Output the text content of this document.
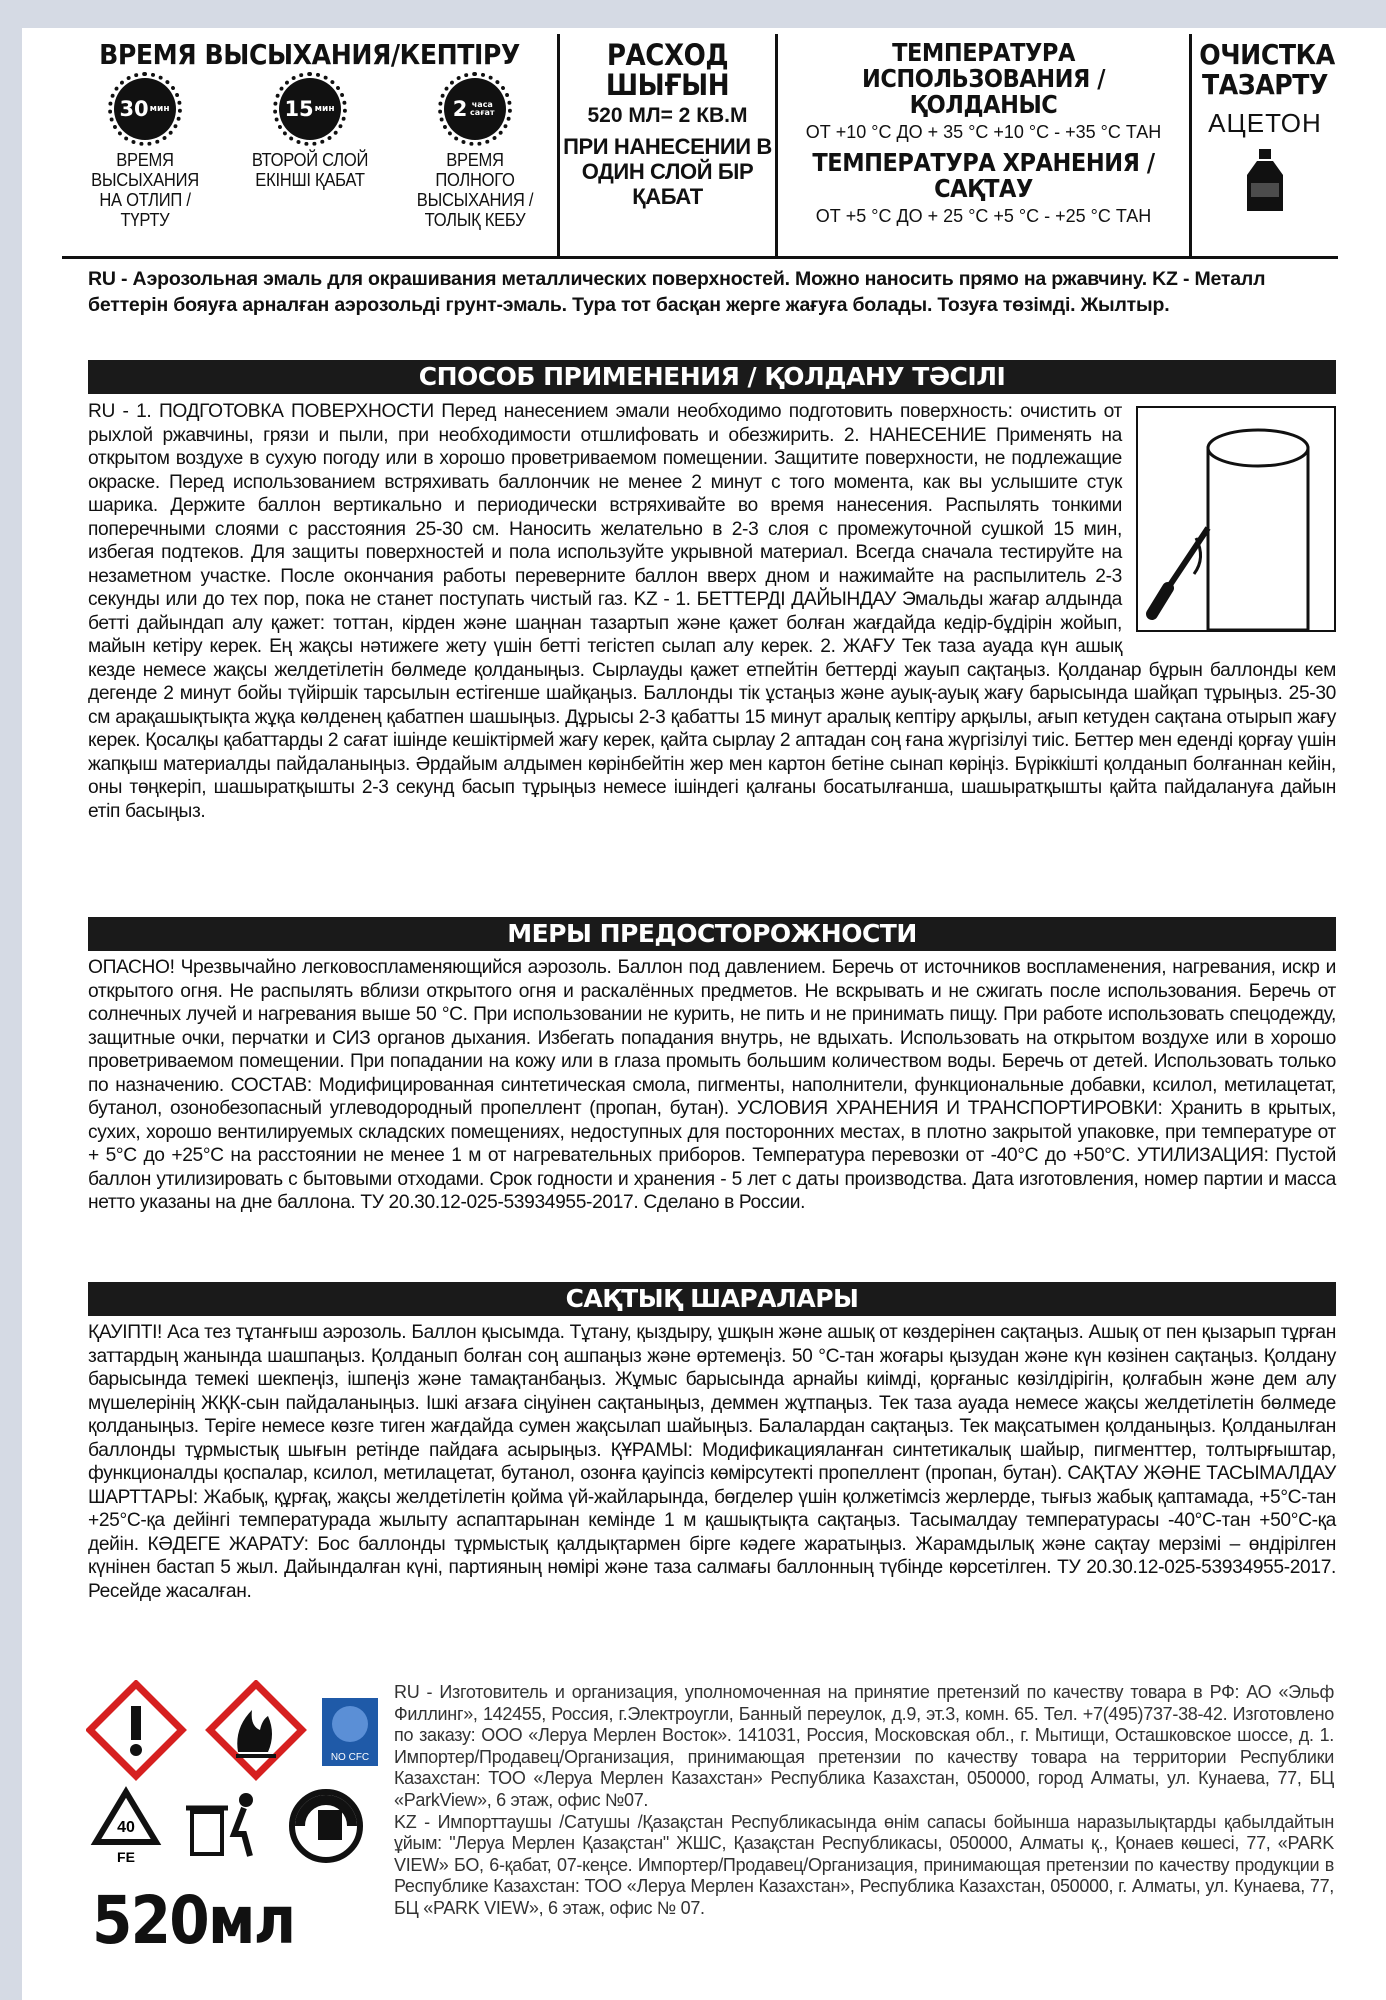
ВРЕМЯ ВЫСЫХАНИЯ/КЕПТІРУ
30 мин

ВРЕМЯ ВЫСЫХАНИЯ НА ОТЛИП / ТҮРТУ

15 мин

ВТОРОЙ СЛОЙ ЕКІНШІ ҚАБАТ

2 часа сағат

ВРЕМЯ ПОЛНОГО ВЫСЫХАНИЯ / ТОЛЫҚ КЕБУ

РАСХОД ШЫҒЫН
520 МЛ= 2 КВ.М
ПРИ НАНЕСЕНИИ В ОДИН СЛОЙ БІР ҚАБАТ
ТЕМПЕРАТУРА ИСПОЛЬЗОВАНИЯ / ҚОЛДАНЫС
ОТ +10 °С ДО + 35 °С +10 °С - +35 °С ТАН
ТЕМПЕРАТУРА ХРАНЕНИЯ / САҚТАУ
ОТ +5 °С ДО + 25 °С +5 °С - +25 °С ТАН
ОЧИСТКА ТАЗАРТУ
АЦЕТОН
RU - Аэрозольная эмаль для окрашивания металлических поверхностей. Можно наносить прямо на ржавчину. KZ - Металл беттерін бояуға арналған аэрозольді грунт-эмаль. Тура тот басқан жерге жағуға болады. Тозуға төзімді. Жылтыр.
СПОСОБ ПРИМЕНЕНИЯ / ҚОЛДАНУ ТӘСІЛІ
RU - 1. ПОДГОТОВКА ПОВЕРХНОСТИ Перед нанесением эмали необходимо подготовить поверхность: очистить от рыхлой ржавчины, грязи и пыли, при необходимости отшлифовать и обезжирить. 2. НАНЕСЕНИЕ Применять на открытом воздухе в сухую погоду или в хорошо проветриваемом помещении. Защитите поверхности, не подлежащие окраске. Перед использованием встряхивать баллончик не менее 2 минут с того момента, как вы услышите стук шарика. Держите баллон вертикально и периодически встряхивайте во время нанесения. Распылять тонкими поперечными слоями с расстояния 25-30 см. Наносить желательно в 2-3 слоя с промежуточной сушкой 15 мин, избегая подтеков. Для защиты поверхностей и пола используйте укрывной материал. Всегда сначала тестируйте на незаметном участке. После окончания работы переверните баллон вверх дном и нажимайте на распылитель 2-3 секунды или до тех пор, пока не станет поступать чистый газ. KZ - 1. БЕТТЕРДІ ДАЙЫНДАУ Эмальды жағар алдында бетті дайындап алу қажет: тоттан, кірден және шаңнан тазартып және қажет болған жағдайда кедір-бұдірін жойып, майын кетіру керек. Ең жақсы нәтижеге жету үшін бетті тегістеп сылап алу керек. 2. ЖАҒУ Тек таза ауада күн ашық кезде немесе жақсы желдетілетін бөлмеде қолданыңыз. Сырлауды қажет етпейтін беттерді жауып сақтаңыз. Қолданар бұрын баллонды кем дегенде 2 минут бойы түйіршік тарсылын естігенше шайқаңыз. Баллонды тік ұстаңыз және ауық-ауық жағу барысында шайқап тұрыңыз. 25-30 см арақашықтықта жұқа көлденең қабатпен шашыңыз. Дұрысы 2-3 қабатты 15 минут аралық кептіру арқылы, ағып кетуден сақтана отырып жағу керек. Қосалқы қабаттарды 2 сағат ішінде кешіктірмей жағу керек, қайта сырлау 2 аптадан соң ғана жүргізілуі тиіс. Беттер мен еденді қорғау үшін жапқыш материалды пайдаланыңыз. Әрдайым алдымен көрінбейтін жер мен картон бетіне сынап көріңіз. Бүріккішті қолданып болғаннан кейін, оны төңкеріп, шашыратқышты 2-3 секунд басып тұрыңыз немесе ішіндегі қалғаны босатылғанша, шашыратқышты қайта пайдалануға дайын етіп басыңыз.
МЕРЫ ПРЕДОСТОРОЖНОСТИ
ОПАСНО! Чрезвычайно легковоспламеняющийся аэрозоль. Баллон под давлением. Беречь от источников воспламенения, нагревания, искр и открытого огня. Не распылять вблизи открытого огня и раскалённых предметов. Не вскрывать и не сжигать после использования. Беречь от солнечных лучей и нагревания выше 50 °С. При использовании не курить, не пить и не принимать пищу. При работе использовать спецодежду, защитные очки, перчатки и СИЗ органов дыхания. Избегать попадания внутрь, не вдыхать. Использовать на открытом воздухе или в хорошо проветриваемом помещении. При попадании на кожу или в глаза промыть большим количеством воды. Беречь от детей. Использовать только по назначению. СОСТАВ: Модифицированная синтетическая смола, пигменты, наполнители, функциональные добавки, ксилол, метилацетат, бутанол, озонобезопасный углеводородный пропеллент (пропан, бутан). УСЛОВИЯ ХРАНЕНИЯ И ТРАНСПОРТИРОВКИ: Хранить в крытых, сухих, хорошо вентилируемых складских помещениях, недоступных для посторонних местах, в плотно закрытой упаковке, при температуре от + 5°С до +25°С на расстоянии не менее 1 м от нагревательных приборов. Температура перевозки от -40°С до +50°С. УТИЛИЗАЦИЯ: Пустой баллон утилизировать с бытовыми отходами. Срок годности и хранения - 5 лет с даты производства. Дата изготовления, номер партии и масса нетто указаны на дне баллона. ТУ 20.30.12-025-53934955-2017. Сделано в России.
САҚТЫҚ ШАРАЛАРЫ
ҚАУІПТІ! Аса тез тұтанғыш аэрозоль. Баллон қысымда. Тұтану, қыздыру, ұшқын және ашық от көздерінен сақтаңыз. Ашық от пен қызарып тұрған заттардың жанында шашпаңыз. Қолданып болған соң ашпаңыз және өртемеңіз. 50 °С-тан жоғары қызудан және күн көзінен сақтаңыз. Қолдану барысында темекі шекпеңіз, ішпеңіз және тамақтанбаңыз. Жұмыс барысында арнайы киімді, қорғаныс көзілдірігін, қолғабын және дем алу мүшелерінің ЖҚК-сын пайдаланыңыз. Ішкі ағзаға сіңуінен сақтаныңыз, деммен жұтпаңыз. Тек таза ауада немесе жақсы желдетілетін бөлмеде қолданыңыз. Теріге немесе көзге тиген жағдайда сумен жақсылап шайыңыз. Балалардан сақтаңыз. Тек мақсатымен қолданыңыз. Қолданылған баллонды тұрмыстық шығын ретінде пайдаға асырыңыз. ҚҰРАМЫ: Модификацияланған синтетикалық шайыр, пигменттер, толтырғыштар, функционалды қоспалар, ксилол, метилацетат, бутанол, озонға қауіпсіз көмірсутекті пропеллент (пропан, бутан). САҚТАУ ЖӘНЕ ТАСЫМАЛДАУ ШАРТТАРЫ: Жабық, құрғақ, жақсы желдетілетін қойма үй-жайларында, бөгделер үшін қолжетімсіз жерлерде, тығыз жабық қаптамада, +5°С-тан +25°С-қа дейінгі температурада жылыту аспаптарынан кемінде 1 м қашықтықта сақтаңыз. Тасымалдау температурасы -40°С-тан +50°С-қа дейін. КӘДЕГЕ ЖАРАТУ: Бос баллонды тұрмыстық қалдықтармен бірге кәдеге жаратыңыз. Жарамдылық және сақтау мерзімі – өндірілген күнінен бастап 5 жыл. Дайындалған күні, партияның нөмірі және таза салмағы баллонның түбінде көрсетілген. ТУ 20.30.12-025-53934955-2017. Ресейде жасалған.
NO CFC
40
FE
520мл
RU - Изготовитель и организация, уполномоченная на принятие претензий по качеству товара в РФ: АО «Эльф Филлинг», 142455, Россия, г.Электроугли, Банный переулок, д.9, эт.3, комн. 65. Тел. +7(495)737-38-42. Изготовлено по заказу: ООО «Леруа Мерлен Восток». 141031, Россия, Московская обл., г. Мытищи, Осташковское шоссе, д. 1. Импортер/Продавец/Организация, принимающая претензии по качеству товара на территории Республики Казахстан: ТОО «Леруа Мерлен Казахстан» Республика Казахстан, 050000, город Алматы, ул. Кунаева, 77, БЦ «ParkView», 6 этаж, офис №07.
KZ - Импорттаушы /Сатушы /Қазақстан Республикасында өнім сапасы бойынша наразылықтарды қабылдайтын ұйым: "Леруа Мерлен Қазақстан" ЖШС, Қазақстан Республикасы, 050000, Алматы қ., Қонаев көшесі, 77, «PARK VIEW» БО, 6-қабат, 07-кеңсе. Импортер/Продавец/Организация, принимающая претензии по качеству продукции в Республике Казахстан: ТОО «Леруа Мерлен Казахстан», Республика Казахстан, 050000, г. Алматы, ул. Кунаева, 77, БЦ «PARK VIEW», 6 этаж, офис № 07.
